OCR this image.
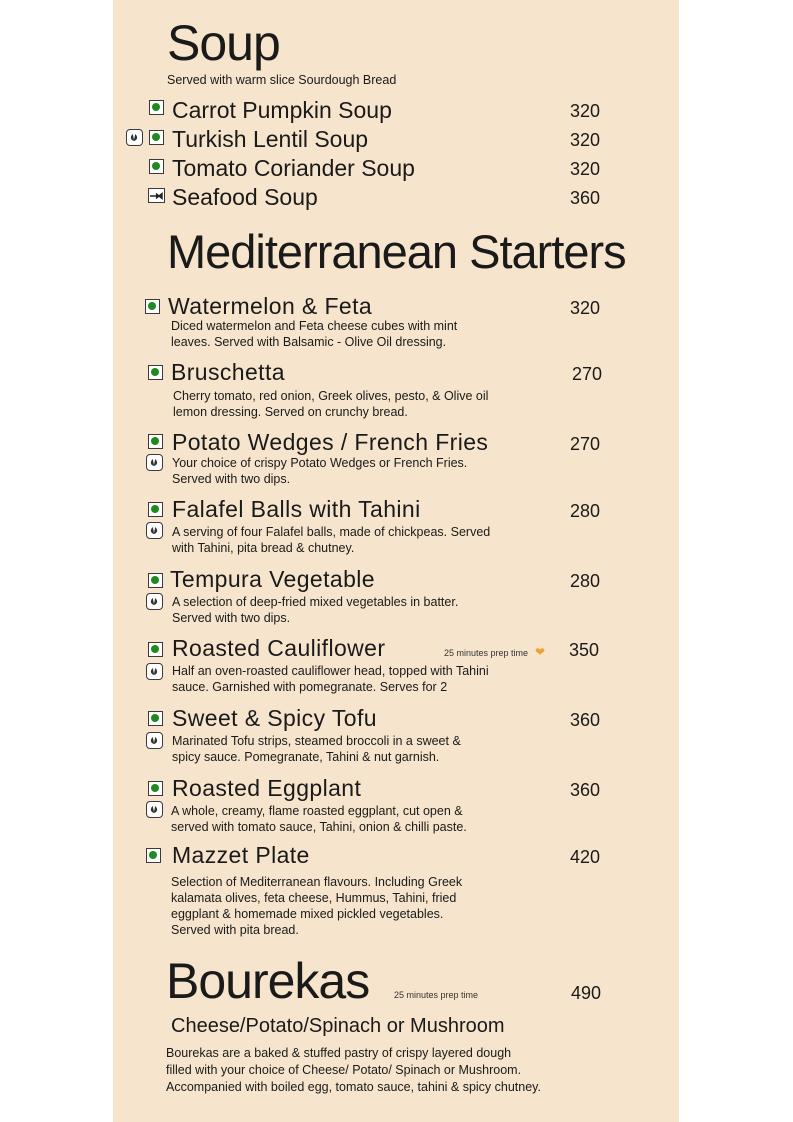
Soup
Served with warm slice Sourdough Bread
Carrot Pumpkin Soup	320
Turkish Lentil Soup	320
Tomato Coriander Soup	320
Seafood Soup	360
Mediterranean Starters
Watermelon & Feta	320
Diced watermelon and Feta cheese cubes with mint leaves. Served with Balsamic - Olive Oil dressing.
Bruschetta	270
Cherry tomato, red onion, Greek olives, pesto, & Olive oil lemon dressing. Served on crunchy bread.
Potato Wedges / French Fries	270
Your choice of crispy Potato Wedges or French Fries. Served with two dips.
Falafel Balls with Tahini	280
A serving of four Falafel balls, made of chickpeas. Served with Tahini, pita bread & chutney.
Tempura Vegetable	280
A selection of deep-fried mixed vegetables in batter. Served with two dips.
Roasted Cauliflower	25 minutes prep time ❤ 350
Half an oven-roasted cauliflower head, topped with Tahini sauce. Garnished with pomegranate. Serves for 2
Sweet & Spicy Tofu	360
Marinated Tofu strips, steamed broccoli in a sweet & spicy sauce. Pomegranate, Tahini & nut garnish.
Roasted Eggplant	360
A whole, creamy, flame roasted eggplant, cut open & served with tomato sauce, Tahini, onion & chilli paste.
Mazzet Plate	420
Selection of Mediterranean flavours. Including Greek kalamata olives, feta cheese, Hummus, Tahini, fried eggplant & homemade mixed pickled vegetables. Served with pita bread.
Bourekas	25 minutes prep time	490
Cheese/Potato/Spinach or Mushroom
Bourekas are a baked & stuffed pastry of crispy layered dough
filled with your choice of Cheese/ Potato/ Spinach or Mushroom.
Accompanied with boiled egg, tomato sauce, tahini & spicy chutney.
